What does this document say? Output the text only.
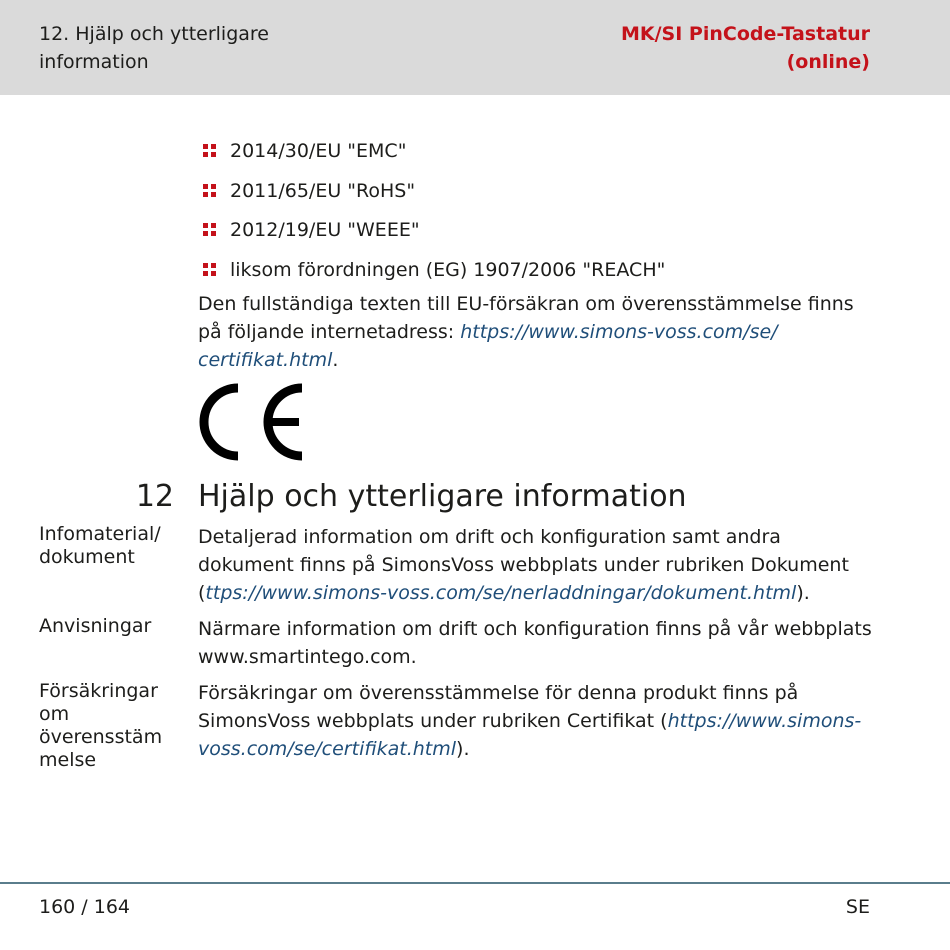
12. Hjälp och ytterligare
information
MK/SI PinCode-Tastatur
(online)
2014/30/EU "EMC"
2011/65/EU "RoHS"
2012/19/EU "WEEE"
liksom förordningen (EG) 1907/2006 "REACH"
Den fullständiga texten till EU-försäkran om överensstämmelse finns
på följande internetadress: https://www.simons-voss.com/se/
certifikat.html.
12 Hjälp och ytterligare information
Infomaterial/
dokument
Detaljerad information om drift och konfiguration samt andra
dokument finns på SimonsVoss webbplats under rubriken Dokument
(ttps://www.simons-voss.com/se/nerladdningar/dokument.html).
Anvisningar	Närmare information om drift och konfiguration finns på vår webbplats
www.smartintego.com.
Försäkringar
om
överensstäm
melse
Försäkringar om överensstämmelse för denna produkt finns på
SimonsVoss webbplats under rubriken Certifikat (https://www.simons-
voss.com/se/certifikat.html).
160 / 164	SE
